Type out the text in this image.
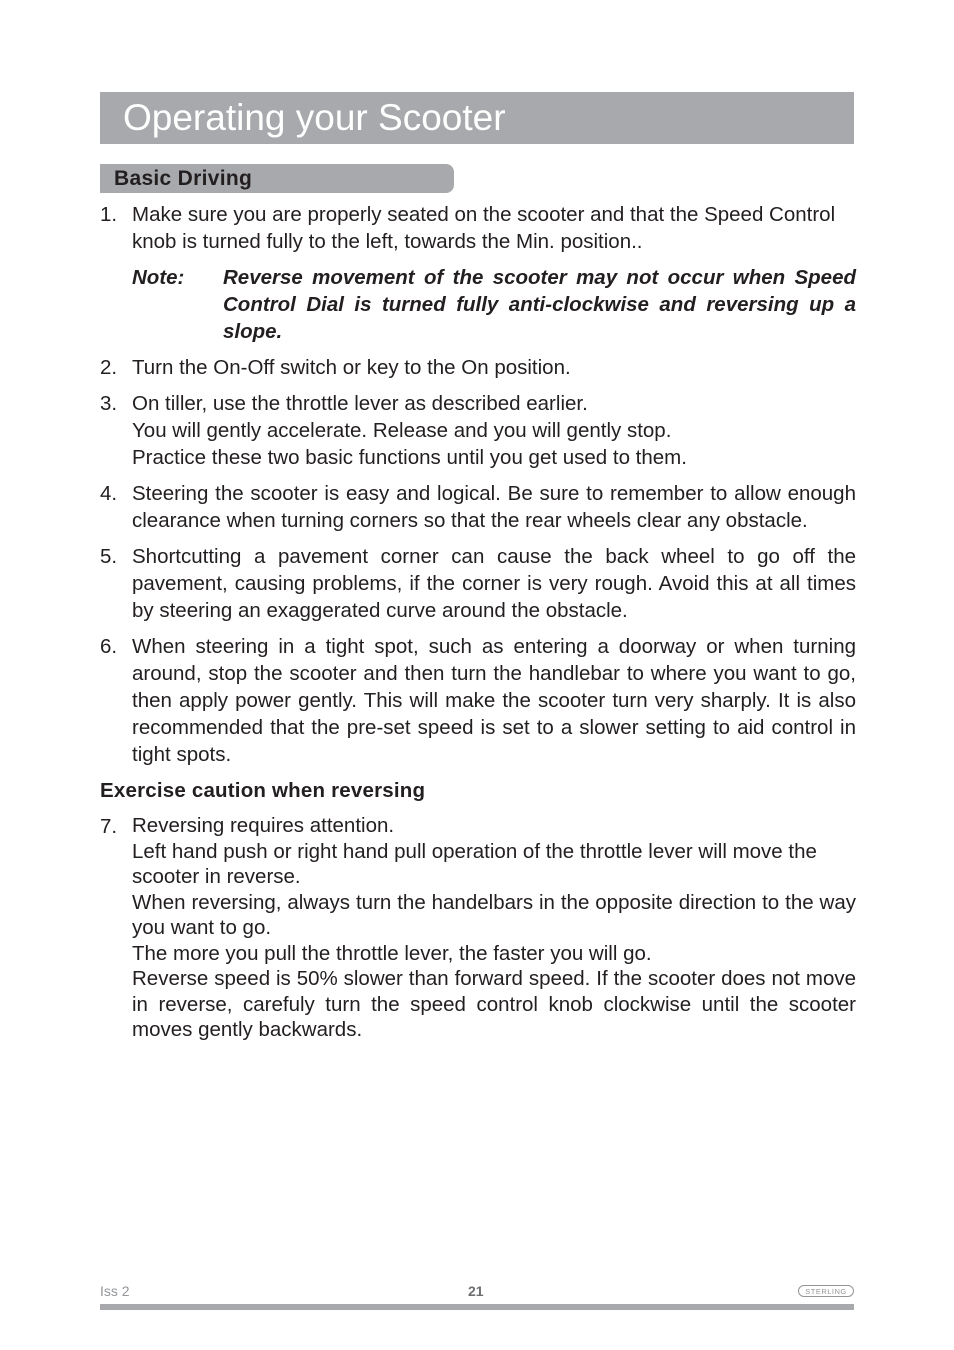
Operating your Scooter
Basic Driving
1. Make sure you are properly seated on the scooter and that the Speed Control knob is turned fully to the left, towards the Min. position..

Note: Reverse movement of the scooter may not occur when Speed Control Dial is turned fully anti-clockwise and reversing up a slope.
2. Turn the On-Off switch or key to the On position.

3. On tiller, use the throttle lever as described earlier.

You will gently accelerate. Release and you will gently stop.

Practice these two basic functions until you get used to them.

4. Steering the scooter is easy and logical. Be sure to remember to allow enough clearance when turning corners so that the rear wheels clear any obstacle.

5. Shortcutting a pavement corner can cause the back wheel to go off the pavement, causing problems, if the corner is very rough. Avoid this at all times by steering an exaggerated curve around the obstacle.

6. When steering in a tight spot, such as entering a doorway or when turning around, stop the scooter and then turn the handlebar to where you want to go, then apply power gently. This will make the scooter turn very sharply. It is also recommended that the pre-set speed is set to a slower setting to aid control in tight spots.

Exercise caution when reversing
7. Reversing requires attention.

Left hand push or right hand pull operation of the throttle lever will move the scooter in reverse.

When reversing, always turn the handelbars in the opposite direction to the way you want to go.

The more you pull the throttle lever, the faster you will go.

Reverse speed is 50% slower than forward speed. If the scooter does not move in reverse, carefuly turn the speed control knob clockwise until the scooter moves gently backwards.

Iss 2	21	STERLING
